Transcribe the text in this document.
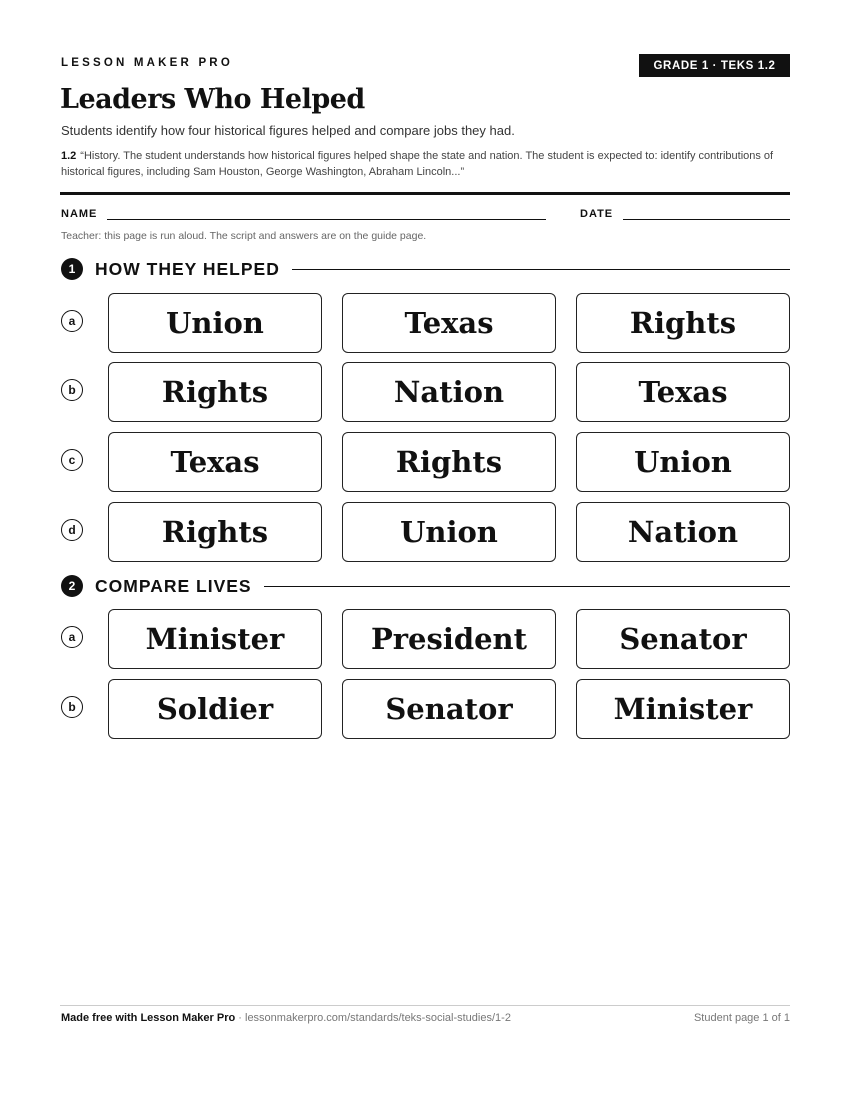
LESSON MAKER PRO	GRADE 1 · TEKS 1.2
Leaders Who Helped
Students identify how four historical figures helped and compare jobs they had.
1.2 “History. The student understands how historical figures helped shape the state and nation. The student is expected to: identify contributions of historical figures, including Sam Houston, George Washington, Abraham Lincoln...”
NAME	DATE
Teacher: this page is run aloud. The script and answers are on the guide page.
1	HOW THEY HELPED
a	Union	Texas	Rights
b	Rights	Nation	Texas
c	Texas	Rights	Union
d	Rights	Union	Nation
2	COMPARE LIVES
a	Minister	President	Senator
b	Soldier	Senator	Minister
Made free with Lesson Maker Pro · lessonmakerpro.com/standards/teks-social-studies/1-2	Student page 1 of 1
